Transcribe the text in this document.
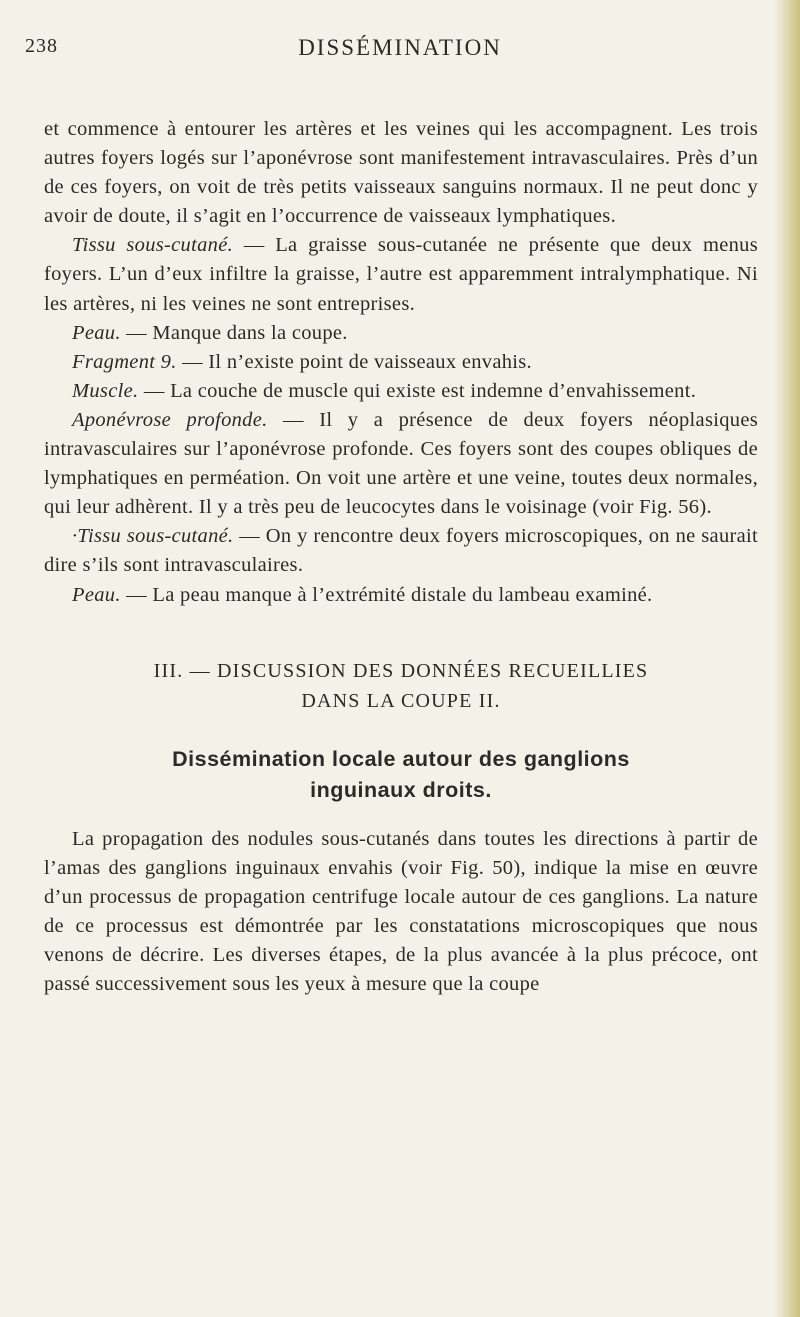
238	DISSÉMINATION

et commence à entourer les artères et les veines qui les accompagnent. Les trois autres foyers logés sur l’aponévrose sont manifestement intravasculaires. Près d’un de ces foyers, on voit de très petits vaisseaux sanguins normaux. Il ne peut donc y avoir de doute, il s’agit en l’occurrence de vaisseaux lymphatiques.

Tissu sous-cutané. — La graisse sous-cutanée ne présente que deux menus foyers. L’un d’eux infiltre la graisse, l’autre est apparemment intralymphatique. Ni les artères, ni les veines ne sont entreprises.

Peau. — Manque dans la coupe.

Fragment 9. — Il n’existe point de vaisseaux envahis.

Muscle. — La couche de muscle qui existe est indemne d’envahissement.

Aponévrose profonde. — Il y a présence de deux foyers néoplasiques intravasculaires sur l’aponévrose profonde. Ces foyers sont des coupes obliques de lymphatiques en perméation. On voit une artère et une veine, toutes deux normales, qui leur adhèrent. Il y a très peu de leucocytes dans le voisinage (voir Fig. 56).

·Tissu sous-cutané. — On y rencontre deux foyers microscopiques, on ne saurait dire s’ils sont intravasculaires.

Peau. — La peau manque à l’extrémité distale du lambeau examiné.

III. — DISCUSSION DES DONNÉES RECUEILLIES
DANS LA COUPE II.
Dissémination locale autour des ganglions
inguinaux droits.

La propagation des nodules sous-cutanés dans toutes les directions à partir de l’amas des ganglions inguinaux envahis (voir Fig. 50), indique la mise en œuvre d’un processus de propagation centrifuge locale autour de ces ganglions. La nature de ce processus est démontrée par les constatations microscopiques que nous venons de décrire. Les diverses étapes, de la plus avancée à la plus précoce, ont passé successivement sous les yeux à mesure que la coupe
